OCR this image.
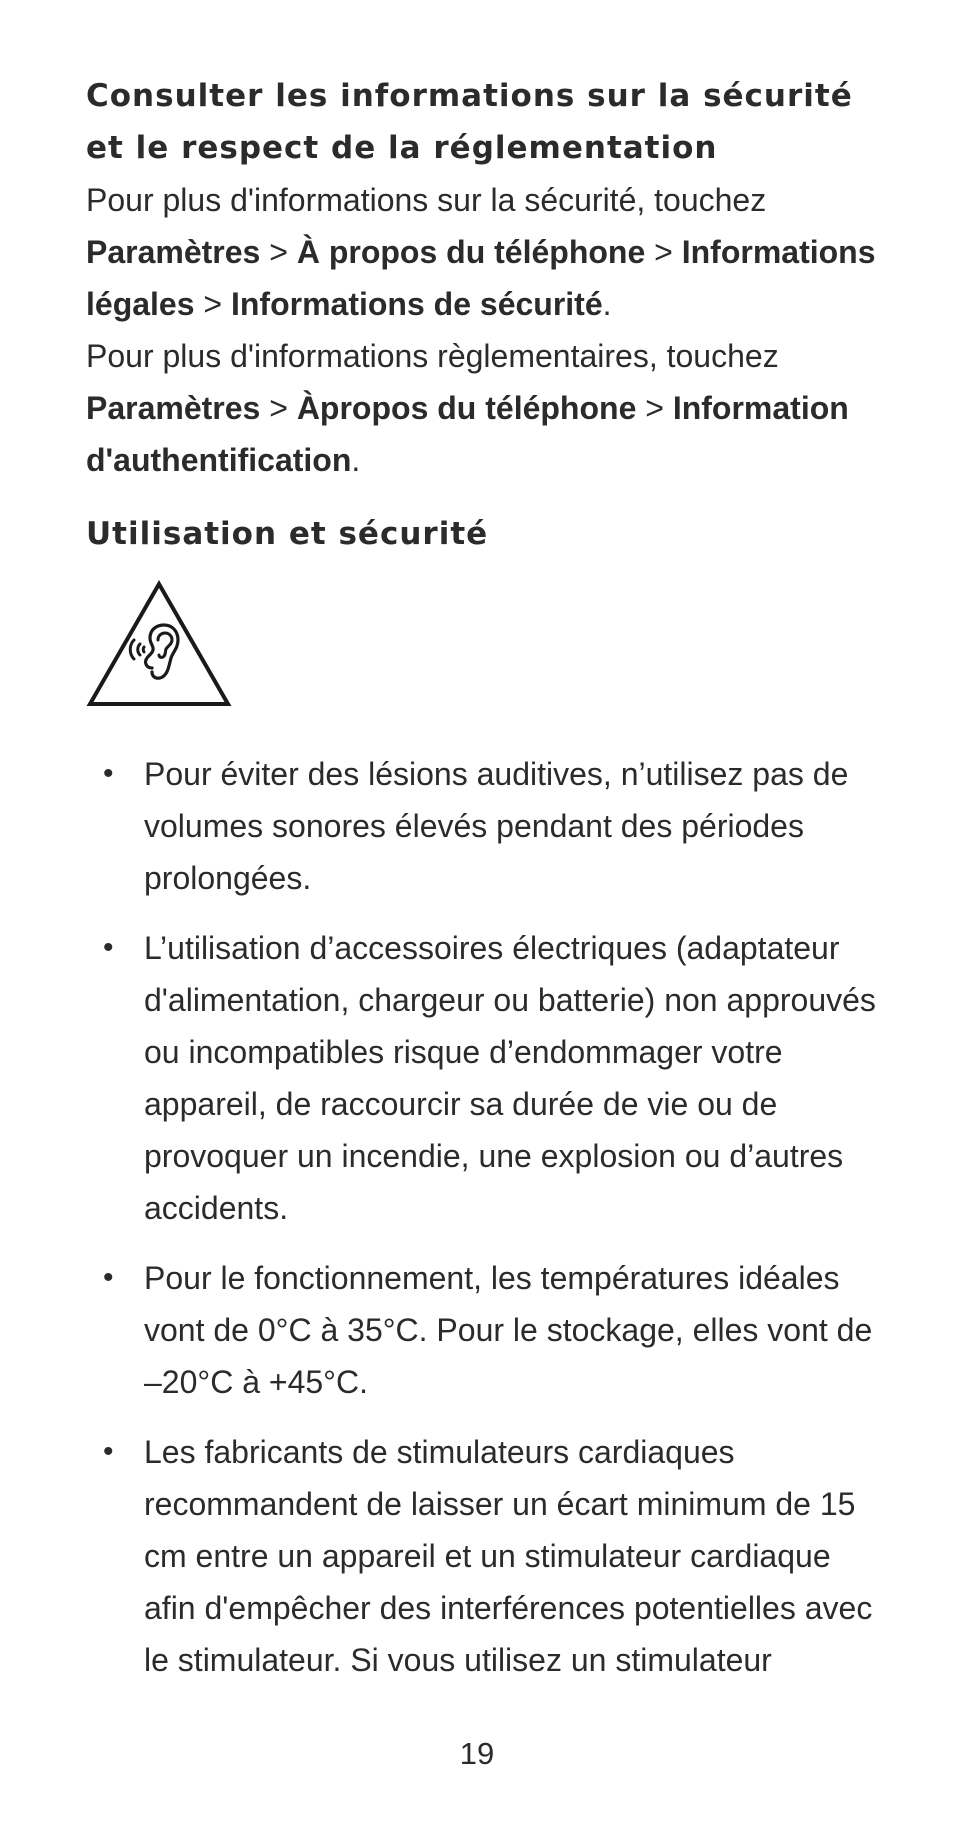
Consulter les informations sur la sécurité et le respect de la réglementation

Pour plus d'informations sur la sécurité, touchez

Paramètres > À propos du téléphone > Informations légales > Informations de sécurité.

Pour plus d'informations règlementaires, touchez

Paramètres > Àpropos du téléphone > Information d'authentification.

Utilisation et sécurité
• Pour éviter des lésions auditives, n’utilisez pas de volumes sonores élevés pendant des périodes prolongées.
• L’utilisation d’accessoires électriques (adaptateur d'alimentation, chargeur ou batterie) non approuvés ou incompatibles risque d’endommager votre appareil, de raccourcir sa durée de vie ou de provoquer un incendie, une explosion ou d’autres accidents.
• Pour le fonctionnement, les températures idéales vont de 0°C à 35°C. Pour le stockage, elles vont de –20°C à +45°C.
• Les fabricants de stimulateurs cardiaques recommandent de laisser un écart minimum de 15 cm entre un appareil et un stimulateur cardiaque afin d'empêcher des interférences potentielles avec le stimulateur. Si vous utilisez un stimulateur
19
